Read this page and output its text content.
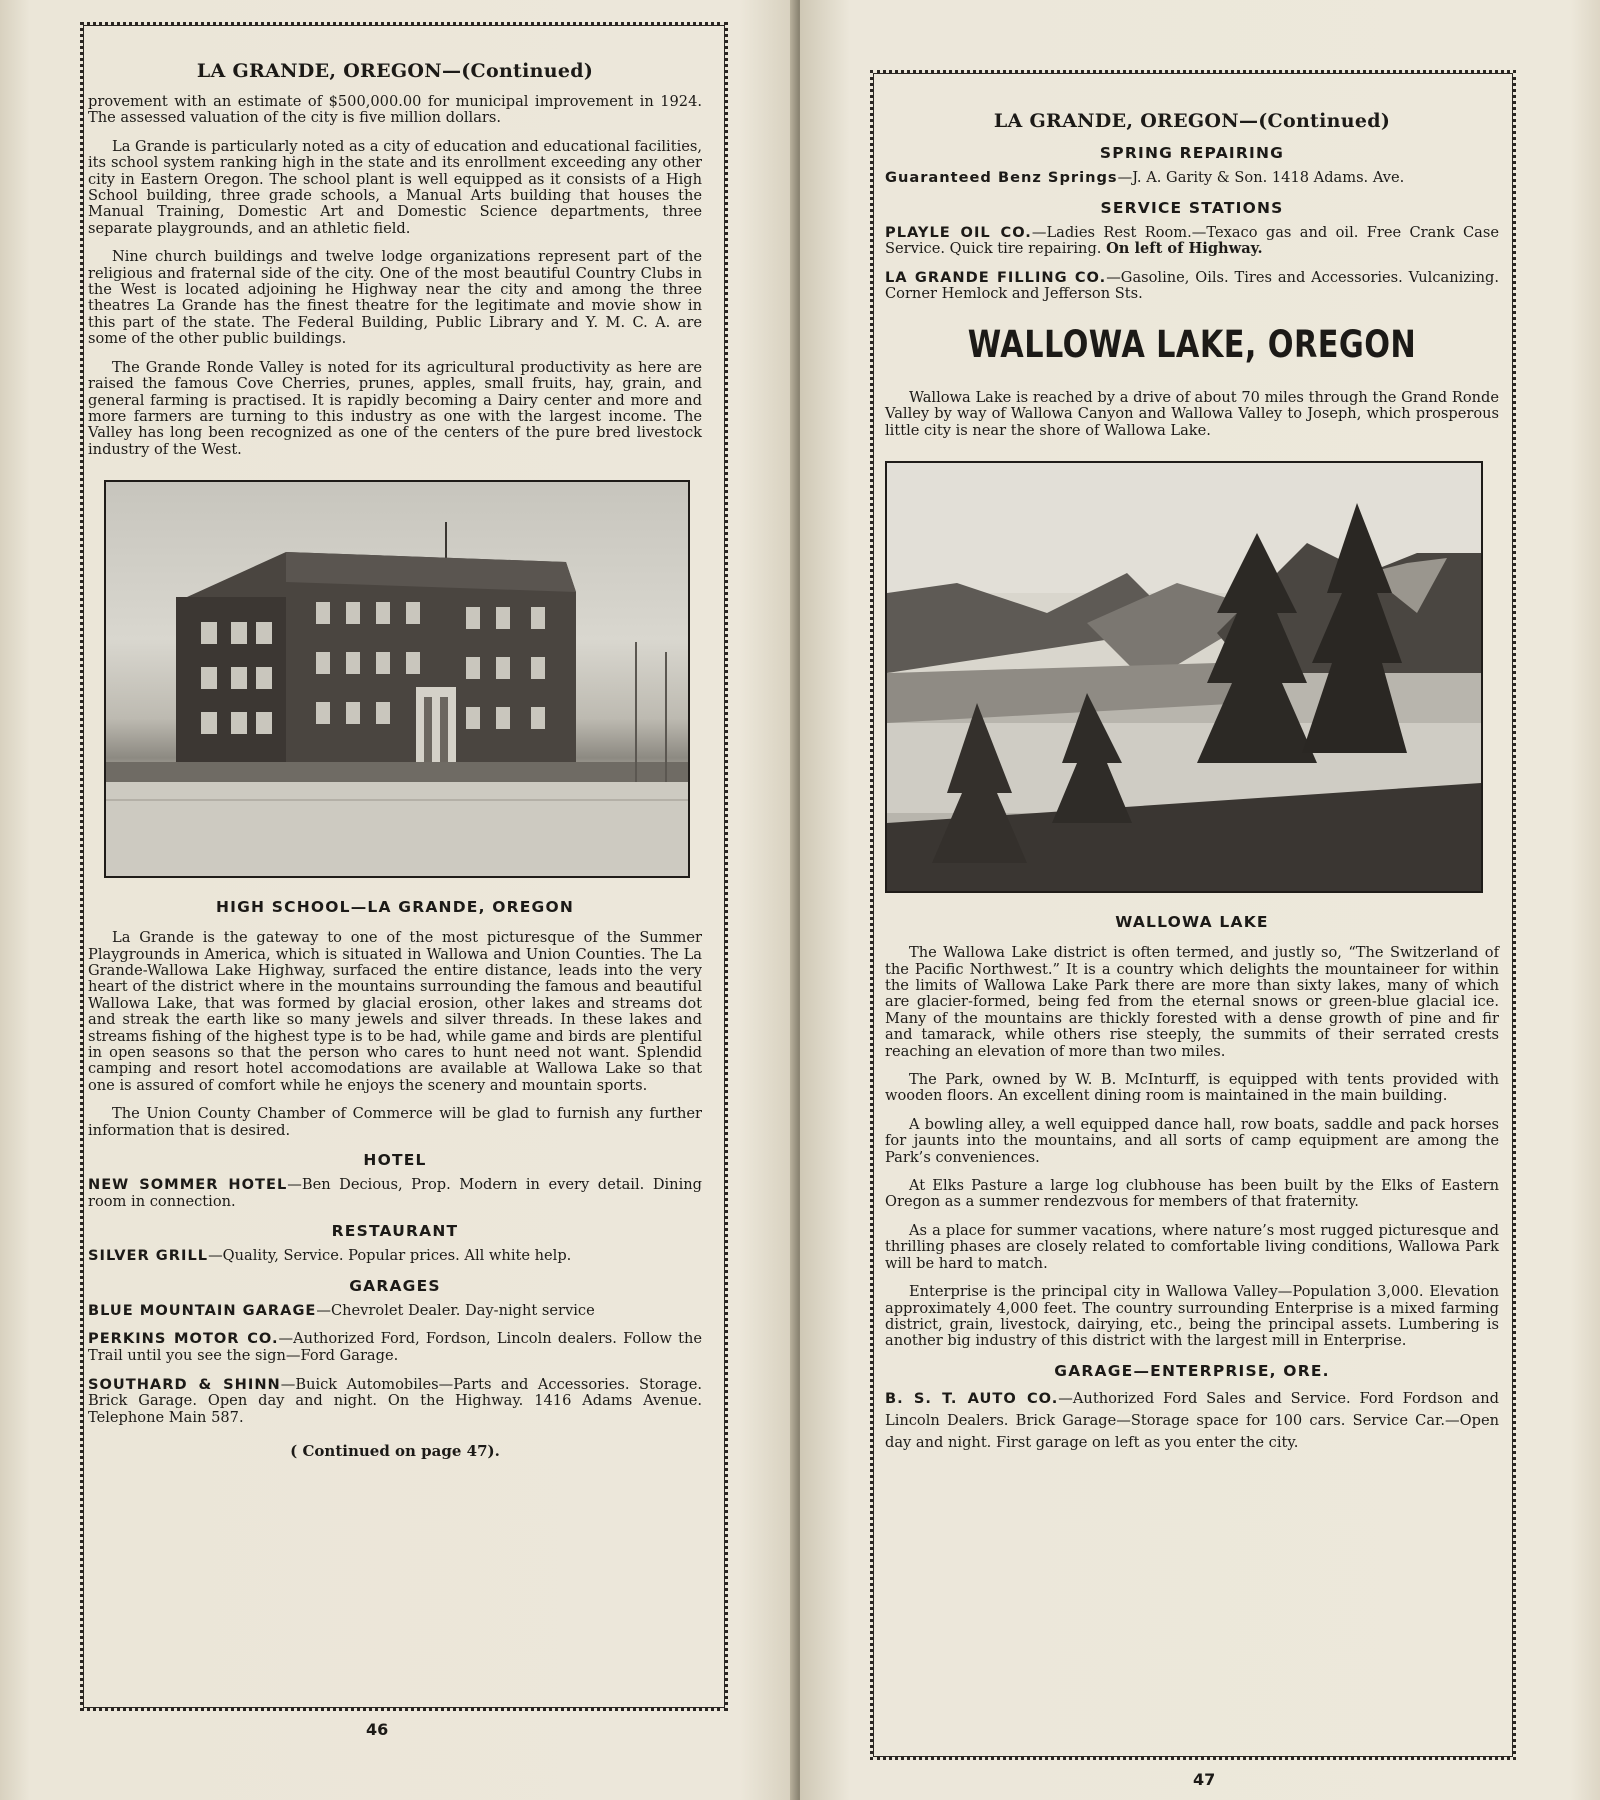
LA GRANDE, OREGON—(Continued)

provement with an estimate of $500,000.00 for municipal improvement in 1924. The assessed valuation of the city is five million dollars.

La Grande is particularly noted as a city of education and educational facilities, its school system ranking high in the state and its enrollment exceeding any other city in Eastern Oregon. The school plant is well equipped as it consists of a High School building, three grade schools, a Manual Arts building that houses the Manual Training, Domestic Art and Domestic Science departments, three separate playgrounds, and an athletic field.

Nine church buildings and twelve lodge organizations represent part of the religious and fraternal side of the city. One of the most beautiful Country Clubs in the West is located adjoining he Highway near the city and among the three theatres La Grande has the finest theatre for the legitimate and movie show in this part of the state. The Federal Building, Public Library and Y. M. C. A. are some of the other public buildings.

The Grande Ronde Valley is noted for its agricultural productivity as here are raised the famous Cove Cherries, prunes, apples, small fruits, hay, grain, and general farming is practised. It is rapidly becoming a Dairy center and more and more farmers are turning to this industry as one with the largest income. The Valley has long been recognized as one of the centers of the pure bred livestock industry of the West.

HIGH SCHOOL—LA GRANDE, OREGON

La Grande is the gateway to one of the most picturesque of the Summer Playgrounds in America, which is situated in Wallowa and Union Counties. The La Grande-Wallowa Lake Highway, surfaced the entire distance, leads into the very heart of the district where in the mountains surrounding the famous and beautiful Wallowa Lake, that was formed by glacial erosion, other lakes and streams dot and streak the earth like so many jewels and silver threads. In these lakes and streams fishing of the highest type is to be had, while game and birds are plentiful in open seasons so that the person who cares to hunt need not want. Splendid camping and resort hotel accomodations are available at Wallowa Lake so that one is assured of comfort while he enjoys the scenery and mountain sports.

The Union County Chamber of Commerce will be glad to furnish any further information that is desired.

HOTEL

NEW SOMMER HOTEL—Ben Decious, Prop. Modern in every detail. Dining room in connection.

RESTAURANT

SILVER GRILL—Quality, Service. Popular prices. All white help.

GARAGES

BLUE MOUNTAIN GARAGE—Chevrolet Dealer. Day-night service

PERKINS MOTOR CO.—Authorized Ford, Fordson, Lincoln dealers. Follow the Trail until you see the sign—Ford Garage.

SOUTHARD & SHINN—Buick Automobiles—Parts and Accessories. Storage. Brick Garage. Open day and night. On the Highway. 1416 Adams Avenue. Telephone Main 587.

( Continued on page 47).
46
LA GRANDE, OREGON—(Continued)
SPRING REPAIRING

Guaranteed Benz Springs—J. A. Garity & Son. 1418 Adams. Ave.

SERVICE STATIONS

PLAYLE OIL CO.—Ladies Rest Room.—Texaco gas and oil. Free Crank Case Service. Quick tire repairing. On left of Highway.

LA GRANDE FILLING CO.—Gasoline, Oils. Tires and Accessories. Vulcanizing. Corner Hemlock and Jefferson Sts.

WALLOWA LAKE, OREGON

Wallowa Lake is reached by a drive of about 70 miles through the Grand Ronde Valley by way of Wallowa Canyon and Wallowa Valley to Joseph, which prosperous little city is near the shore of Wallowa Lake.

WALLOWA LAKE

The Wallowa Lake district is often termed, and justly so, “The Switzerland of the Pacific Northwest.” It is a country which delights the mountaineer for within the limits of Wallowa Lake Park there are more than sixty lakes, many of which are glacier-formed, being fed from the eternal snows or green-blue glacial ice. Many of the mountains are thickly forested with a dense growth of pine and fir and tamarack, while others rise steeply, the summits of their serrated crests reaching an elevation of more than two miles.

The Park, owned by W. B. McInturff, is equipped with tents provided with wooden floors. An excellent dining room is maintained in the main building.

A bowling alley, a well equipped dance hall, row boats, saddle and pack horses for jaunts into the mountains, and all sorts of camp equipment are among the Park’s conveniences.

At Elks Pasture a large log clubhouse has been built by the Elks of Eastern Oregon as a summer rendezvous for members of that fraternity.

As a place for summer vacations, where nature’s most rugged picturesque and thrilling phases are closely related to comfortable living conditions, Wallowa Park will be hard to match.

Enterprise is the principal city in Wallowa Valley—Population 3,000. Elevation approximately 4,000 feet. The country surrounding Enterprise is a mixed farming district, grain, livestock, dairying, etc., being the principal assets. Lumbering is another big industry of this district with the largest mill in Enterprise.

GARAGE—ENTERPRISE, ORE.

B. S. T. AUTO CO.—Authorized Ford Sales and Service. Ford Fordson and Lincoln Dealers. Brick Garage—Storage space for 100 cars. Service Car.—Open day and night. First garage on left as you enter the city.

47
